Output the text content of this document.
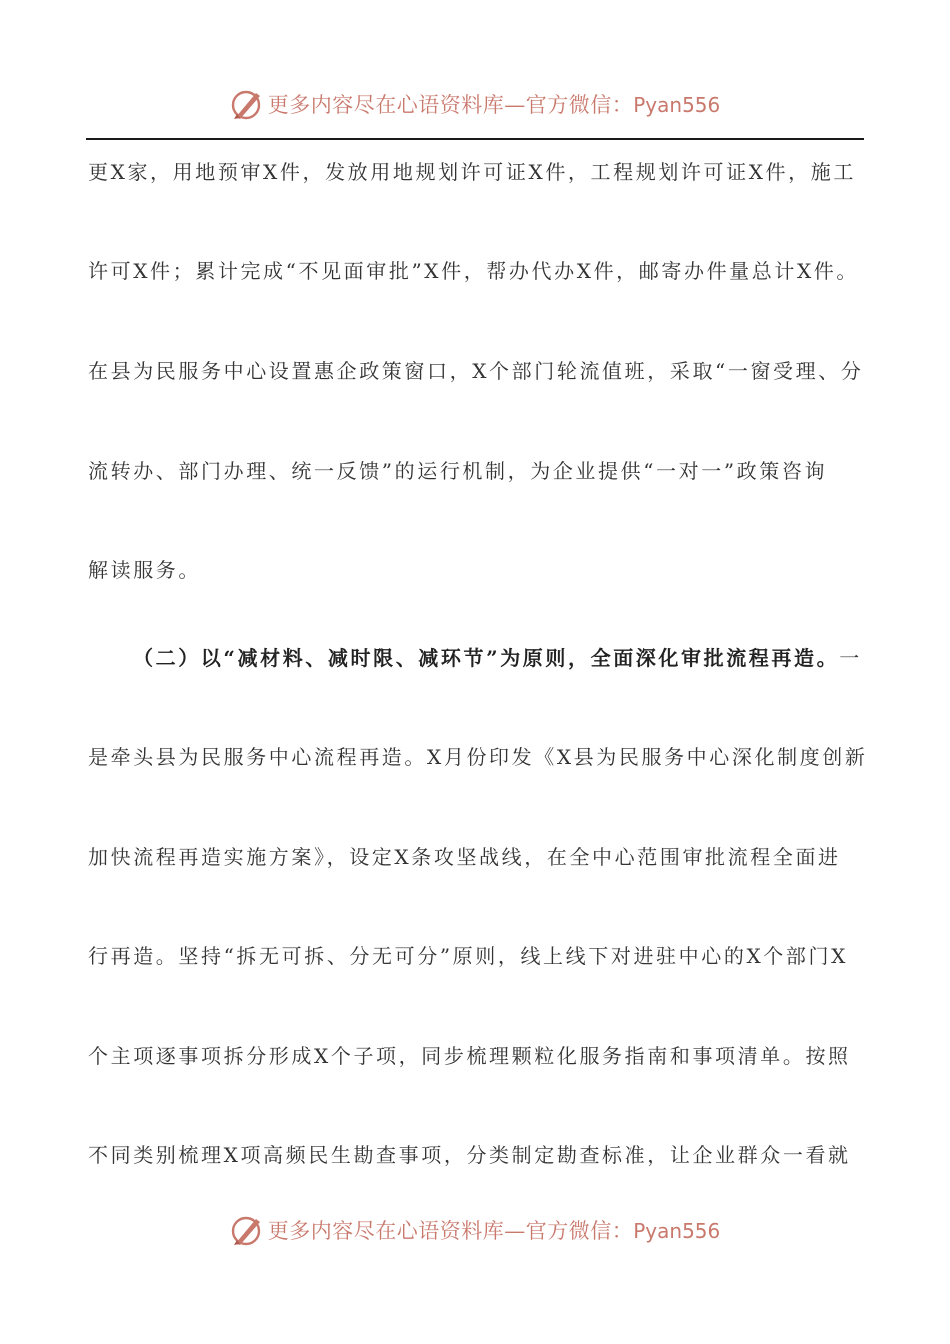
更多内容尽在心语资料库—官方微信：Pyan556
更X家，用地预审X件，发放用地规划许可证X件，工程规划许可证X件，施工
许可X件；累计完成“不见面审批”X件，帮办代办X件，邮寄办件量总计X件。
在县为民服务中心设置惠企政策窗口，X个部门轮流值班，采取“一窗受理、分
流转办、部门办理、统一反馈”的运行机制，为企业提供“一对一”政策咨询
解读服务。
（二）以“减材料、减时限、减环节”为原则，全面深化审批流程再造。一
是牵头县为民服务中心流程再造。X月份印发《X县为民服务中心深化制度创新
加快流程再造实施方案》，设定X条攻坚战线，在全中心范围审批流程全面进
行再造。坚持“拆无可拆、分无可分”原则，线上线下对进驻中心的X个部门X
个主项逐事项拆分形成X个子项，同步梳理颗粒化服务指南和事项清单。按照
不同类别梳理X项高频民生勘查事项，分类制定勘查标准，让企业群众一看就
更多内容尽在心语资料库—官方微信：Pyan556
